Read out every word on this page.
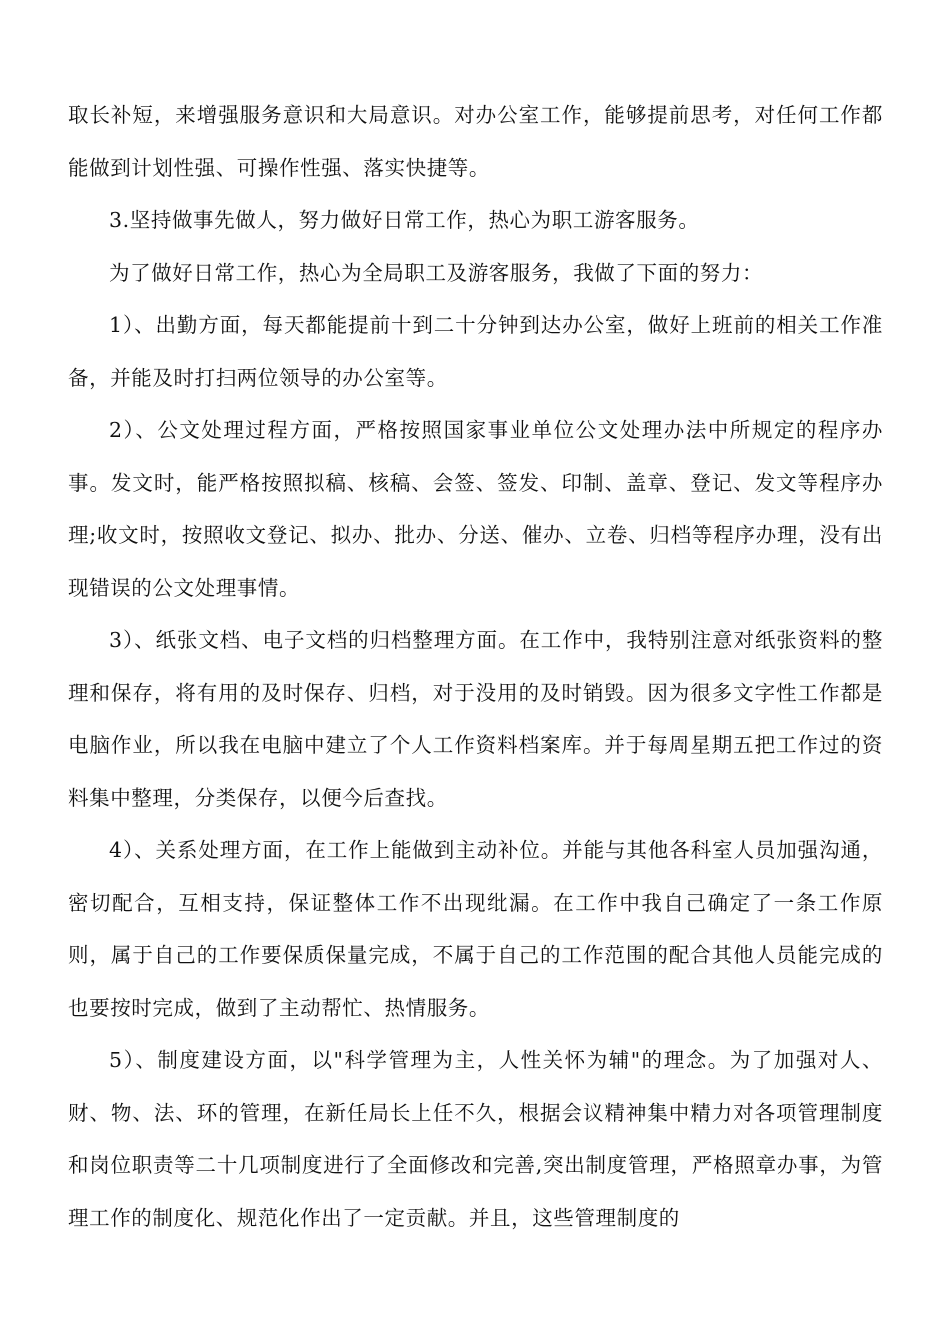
取长补短，来增强服务意识和大局意识。对办公室工作，能够提前思考，对任何工作都能做到计划性强、可操作性强、落实快捷等。

3.坚持做事先做人，努力做好日常工作，热心为职工游客服务。

为了做好日常工作，热心为全局职工及游客服务，我做了下面的努力：

1）、出勤方面，每天都能提前十到二十分钟到达办公室，做好上班前的相关工作准备，并能及时打扫两位领导的办公室等。

2）、公文处理过程方面，严格按照国家事业单位公文处理办法中所规定的程序办事。发文时，能严格按照拟稿、核稿、会签、签发、印制、盖章、登记、发文等程序办理;收文时，按照收文登记、拟办、批办、分送、催办、立卷、归档等程序办理，没有出现错误的公文处理事情。

3）、纸张文档、电子文档的归档整理方面。在工作中，我特别注意对纸张资料的整理和保存，将有用的及时保存、归档，对于没用的及时销毁。因为很多文字性工作都是电脑作业，所以我在电脑中建立了个人工作资料档案库。并于每周星期五把工作过的资料集中整理，分类保存，以便今后查找。

4）、关系处理方面，在工作上能做到主动补位。并能与其他各科室人员加强沟通，密切配合，互相支持，保证整体工作不出现纰漏。在工作中我自己确定了一条工作原则，属于自己的工作要保质保量完成，不属于自己的工作范围的配合其他人员能完成的也要按时完成，做到了主动帮忙、热情服务。

5）、制度建设方面，以"科学管理为主，人性关怀为辅"的理念。为了加强对人、财、物、法、环的管理，在新任局长上任不久，根据会议精神集中精力对各项管理制度和岗位职责等二十几项制度进行了全面修改和完善,突出制度管理，严格照章办事，为管理工作的制度化、规范化作出了一定贡献。并且，这些管理制度的
